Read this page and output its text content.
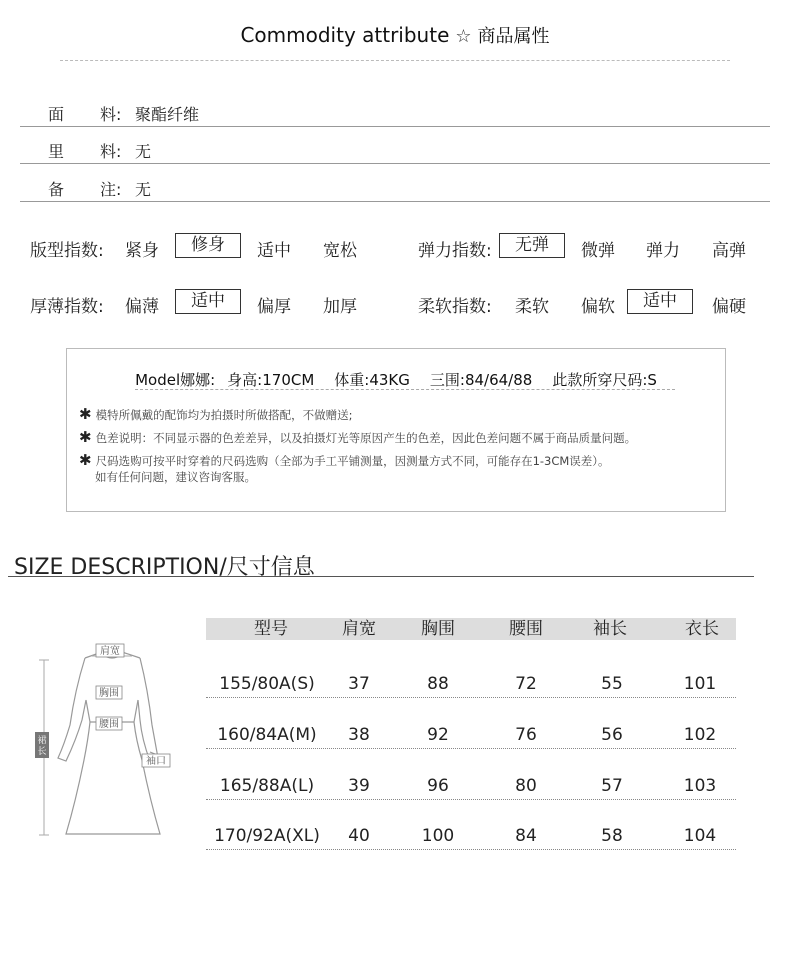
Commodity attribute ☆ 商品属性
面 料: 聚酯纤维
里 料: 无
备 注: 无
版型指数: 紧身	修身	适中 宽松	弹力指数:	无弹	微弹 弹力 高弹
厚薄指数: 偏薄	适中	偏厚 加厚	柔软指数: 柔软 偏软	适中	偏硬
Model娜娜: 身高:170CM 体重:43KG 三围:84/64/88 此款所穿尺码:S
✱ 模特所佩戴的配饰均为拍摄时所做搭配，不做赠送;
✱ 色差说明：不同显示器的色差差异，以及拍摄灯光等原因产生的色差，因此色差问题不属于商品质量问题。
✱ 尺码选购可按平时穿着的尺码选购（全部为手工平铺测量，因测量方式不同，可能存在1-3CM误差）。
如有任何问题，建议咨询客服。
SIZE DESCRIPTION/尺寸信息
肩宽
胸围
腰围
裙
长
袖口
型号	肩宽	胸围	腰围	袖长	衣长
155/80A(S)	37	88	72	55	101
160/84A(M)	38	92	76	56	102
165/88A(L)	39	96	80	57	103
170/92A(XL)	40	100	84	58	104
